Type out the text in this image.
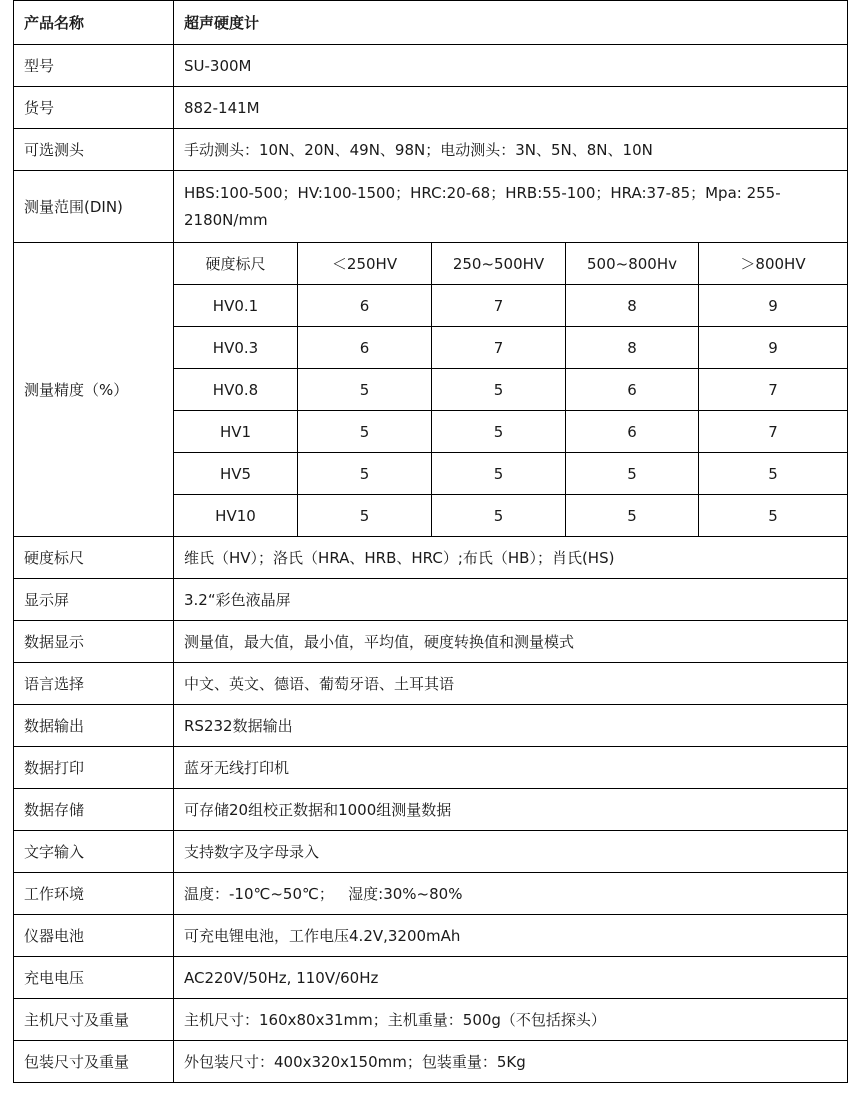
产品名称	超声硬度计				
型号	SU-300M				
货号	882-141M				
可选测头	手动测头：10N、20N、49N、98N；电动测头：3N、5N、8N、10N				
测量范围(DIN)	HBS:100-500；HV:100-1500；HRC:20-68；HRB:55-100；HRA:37-85；Mpa: 255-2180N/mm				
测量精度（%）	硬度标尺	＜250HV	250~500HV	500~800Hv	＞800HV
	HV0.1	6	7	8	9
	HV0.3	6	7	8	9
	HV0.8	5	5	6	7
	HV1	5	5	6	7
	HV5	5	5	5	5
	HV10	5	5	5	5
硬度标尺	维氏（HV）；洛氏（HRA、HRB、HRC）;布氏（HB）；肖氏(HS)				
显示屏	3.2“彩色液晶屏				
数据显示	测量值，最大值，最小值，平均值，硬度转换值和测量模式				
语言选择	中文、英文、德语、葡萄牙语、土耳其语				
数据输出	RS232数据输出				
数据打印	蓝牙无线打印机				
数据存储	可存储20组校正数据和1000组测量数据				
文字输入	支持数字及字母录入				
工作环境	温度：-10℃~50℃；   湿度:30%~80%				
仪器电池	可充电锂电池，工作电压4.2V,3200mAh				
充电电压	AC220V/50Hz, 110V/60Hz				
主机尺寸及重量	主机尺寸：160x80x31mm；主机重量：500g（不包括探头）				
包装尺寸及重量	外包装尺寸：400x320x150mm；包装重量：5Kg				
